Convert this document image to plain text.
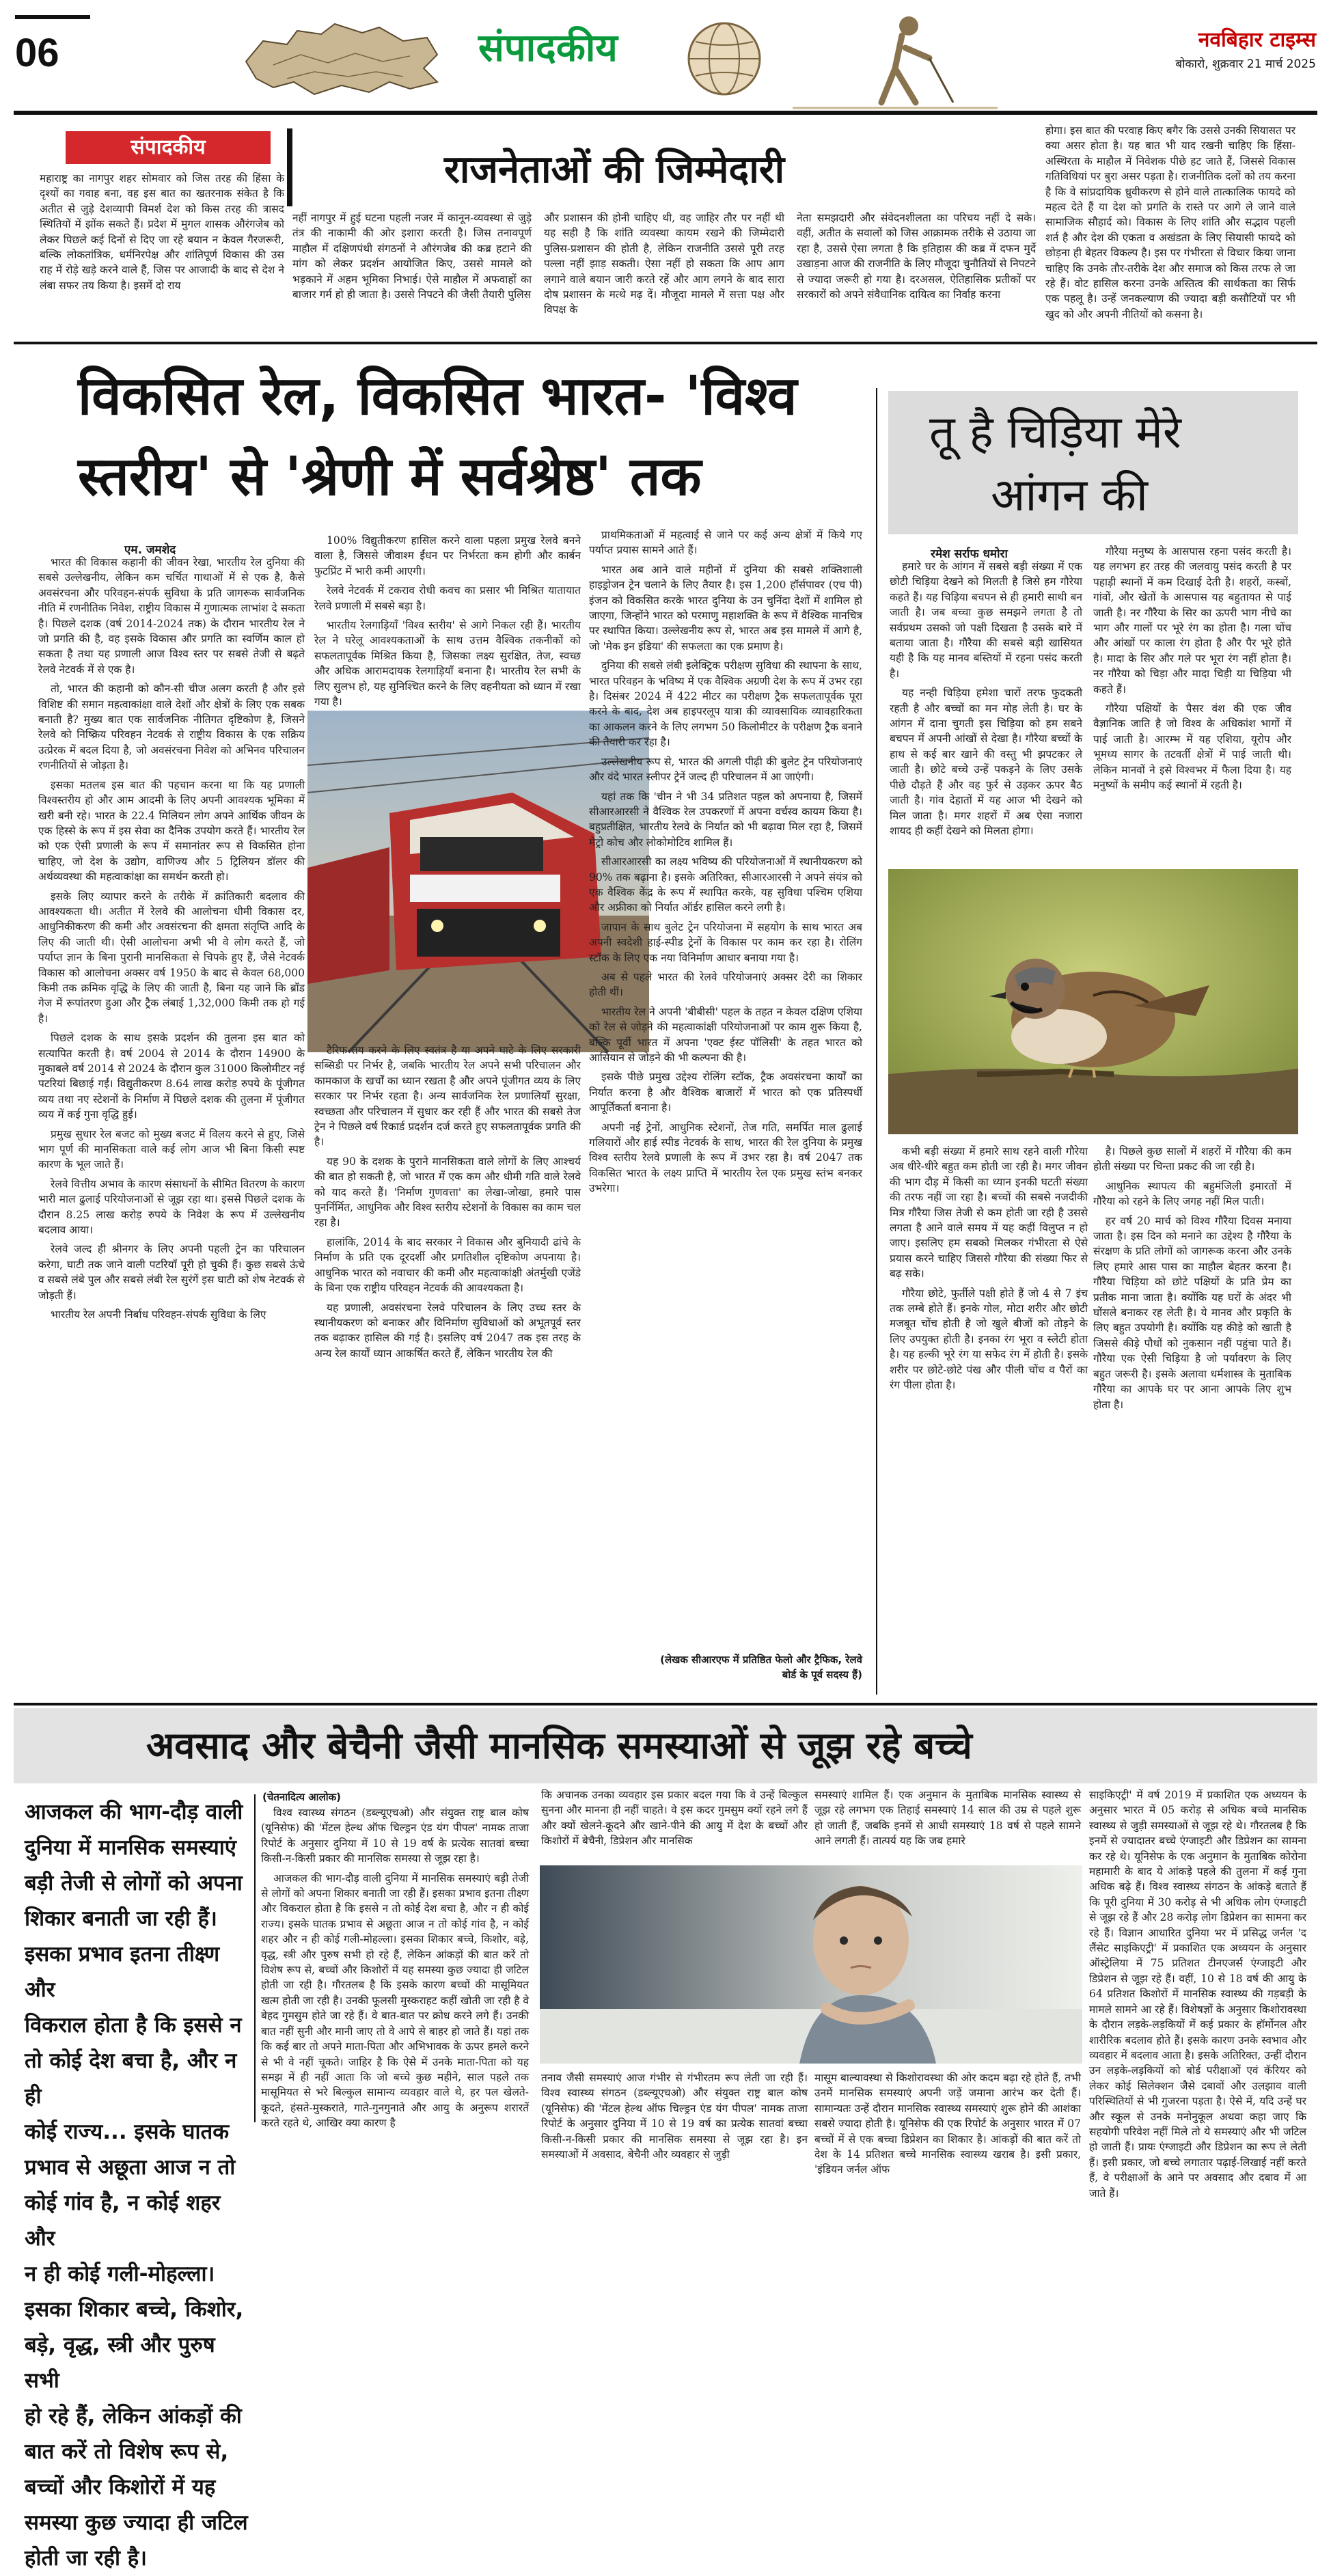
06	संपादकीय	नवबिहार टाइम्स
बोकारो, शुक्रवार 21 मार्च 2025
संपादकीय
राजनेताओं की जिम्मेदारी
महाराष्ट्र का नागपुर शहर सोमवार को जिस तरह की हिंसा के दृश्यों का गवाह बना, वह इस बात का खतरनाक संकेत है कि अतीत से जुड़े देशव्यापी विमर्श देश को किस तरह की त्रासद स्थितियों में झोंक सकते हैं। प्रदेश में मुगल शासक औरंगजेब को लेकर पिछले कई दिनों से दिए जा रहे बयान न केवल गैरजरूरी, बल्कि लोकतांत्रिक, धर्मनिरपेक्ष और शांतिपूर्ण विकास की उस राह में रोड़े खड़े करने वाले हैं, जिस पर आजादी के बाद से देश ने लंबा सफर तय किया है। इसमें दो राय
नहीं नागपुर में हुई घटना पहली नजर में कानून-व्यवस्था से जुड़े तंत्र की नाकामी की ओर इशारा करती है। जिस तनावपूर्ण माहौल में दक्षिणपंथी संगठनों ने औरंगजेब की कब्र हटाने की मांग को लेकर प्रदर्शन आयोजित किए, उससे मामले को भड़काने में अहम भूमिका निभाई। ऐसे माहौल में अफवाहों का बाजार गर्म हो ही जाता है। उससे निपटने की जैसी तैयारी पुलिस
और प्रशासन की होनी चाहिए थी, वह जाहिर तौर पर नहीं थी यह सही है कि शांति व्यवस्था कायम रखने की जिम्मेदारी पुलिस-प्रशासन की होती है, लेकिन राजनीति उससे पूरी तरह पल्ला नहीं झाड़ सकती। ऐसा नहीं हो सकता कि आप आग लगाने वाले बयान जारी करते रहें और आग लगने के बाद सारा दोष प्रशासन के मत्थे मढ़ दें। मौजूदा मामले में सत्ता पक्ष और विपक्ष के
नेता समझदारी और संवेदनशीलता का परिचय नहीं दे सके। वहीं, अतीत के सवालों को जिस आक्रामक तरीके से उठाया जा रहा है, उससे ऐसा लगता है कि इतिहास की कब्र में दफन मुर्दे उखाड़ना आज की राजनीति के लिए मौजूदा चुनौतियों से निपटने से ज्यादा जरूरी हो गया है। दरअसल, ऐतिहासिक प्रतीकों पर सरकारों को अपने संवैधानिक दायित्व का निर्वाह करना
होगा। इस बात की परवाह किए बगैर कि उससे उनकी सियासत पर क्या असर होता है। यह बात भी याद रखनी चाहिए कि हिंसा-अस्थिरता के माहौल में निवेशक पीछे हट जाते हैं, जिससे विकास गतिविधियां पर बुरा असर पड़ता है। राजनीतिक दलों को तय करना है कि वे सांप्रदायिक ध्रुवीकरण से होने वाले तात्कालिक फायदे को महत्व देते हैं या देश को प्रगति के रास्ते पर आगे ले जाने वाले सामाजिक सौहार्द को। विकास के लिए शांति और सद्भाव पहली शर्त है और देश की एकता व अखंडता के लिए सियासी फायदे को छोड़ना ही बेहतर विकल्प है। इस पर गंभीरता से विचार किया जाना चाहिए कि उनके तौर-तरीके देश और समाज को किस तरफ ले जा रहे हैं। वोट हासिल करना उनके अस्तित्व की सार्थकता का सिर्फ एक पहलू है। उन्हें जनकल्याण की ज्यादा बड़ी कसौटियों पर भी खुद को और अपनी नीतियों को कसना है।
विकसित रेल, विकसित भारत- 'विश्व
स्तरीय' से 'श्रेणी में सर्वश्रेष्ठ' तक
एम. जमशेद

भारत की विकास कहानी की जीवन रेखा, भारतीय रेल दुनिया की सबसे उल्लेखनीय, लेकिन कम चर्चित गाथाओं में से एक है, कैसे अवसंरचना और परिवहन-संपर्क सुविधा के प्रति जागरूक सार्वजनिक नीति में रणनीतिक निवेश, राष्ट्रीय विकास में गुणात्मक लाभांश दे सकता है। पिछले दशक (वर्ष 2014-2024 तक) के दौरान भारतीय रेल ने जो प्रगति की है, वह इसके विकास और प्रगति का स्वर्णिम काल हो सकता है तथा यह प्रणाली आज विश्व स्तर पर सबसे तेजी से बढ़ते रेलवे नेटवर्क में से एक है।

तो, भारत की कहानी को कौन-सी चीज अलग करती है और इसे विशिष्ट की समान महत्वाकांक्षा वाले देशों और क्षेत्रों के लिए एक सबक बनाती है? मुख्य बात एक सार्वजनिक नीतिगत दृष्टिकोण है, जिसने रेलवे को निष्क्रिय परिवहन नेटवर्क से राष्ट्रीय विकास के एक सक्रिय उत्प्रेरक में बदल दिया है, जो अवसंरचना निवेश को अभिनव परिचालन रणनीतियों से जोड़ता है।

इसका मतलब इस बात की पहचान करना था कि यह प्रणाली विश्वस्तरीय हो और आम आदमी के लिए अपनी आवश्यक भूमिका में खरी बनी रहे। भारत के 22.4 मिलियन लोग अपने आर्थिक जीवन के एक हिस्से के रूप में इस सेवा का दैनिक उपयोग करते हैं। भारतीय रेल को एक ऐसी प्रणाली के रूप में समानांतर रूप से विकसित होना चाहिए, जो देश के उद्योग, वाणिज्य और 5 ट्रिलियन डॉलर की अर्थव्यवस्था की महत्वाकांक्षा का समर्थन करती हो।

इसके लिए व्यापार करने के तरीके में क्रांतिकारी बदलाव की आवश्यकता थी। अतीत में रेलवे की आलोचना धीमी विकास दर, आधुनिकीकरण की कमी और अवसंरचना की क्षमता संतृप्ति आदि के लिए की जाती थी। ऐसी आलोचना अभी भी वे लोग करते हैं, जो पर्याप्त ज्ञान के बिना पुरानी मानसिकता से चिपके हुए हैं, जैसे नेटवर्क विकास को आलोचना अक्सर वर्ष 1950 के बाद से केवल 68,000 किमी तक क्रमिक वृद्धि के लिए की जाती है, बिना यह जाने कि ब्रॉड गेज में रूपांतरण हुआ और ट्रैक लंबाई 1,32,000 किमी तक हो गई है।

पिछले दशक के साथ इसके प्रदर्शन की तुलना इस बात को सत्यापित करती है। वर्ष 2004 से 2014 के दौरान 14900 के मुकाबले वर्ष 2014 से 2024 के दौरान कुल 31000 किलोमीटर नई पटरियां बिछाई गईं। विद्युतीकरण 8.64 लाख करोड़ रुपये के पूंजीगत व्यय तथा नए स्टेशनों के निर्माण में पिछले दशक की तुलना में पूंजीगत व्यय में कई गुना वृद्धि हुई।

प्रमुख सुधार रेल बजट को मुख्य बजट में विलय करने से हुए, जिसे भाग पूर्ण की मानसिकता वाले कई लोग आज भी बिना किसी स्पष्ट कारण के भूल जाते हैं।

रेलवे वित्तीय अभाव के कारण संसाधनों के सीमित वितरण के कारण भारी माल ढुलाई परियोजनाओं से जूझ रहा था। इससे पिछले दशक के दौरान 8.25 लाख करोड़ रुपये के निवेश के रूप में उल्लेखनीय बदलाव आया।

रेलवे जल्द ही श्रीनगर के लिए अपनी पहली ट्रेन का परिचालन करेगा, घाटी तक जाने वाली पटरियाँ पूरी हो चुकी हैं। कुछ सबसे ऊंचे व सबसे लंबे पुल और सबसे लंबी रेल सुरंगें इस घाटी को शेष नेटवर्क से जोड़ती हैं।

भारतीय रेल अपनी निर्बाध परिवहन-संपर्क सुविधा के लिए

100% विद्युतीकरण हासिल करने वाला पहला प्रमुख रेलवे बनने वाला है, जिससे जीवाश्म ईंधन पर निर्भरता कम होगी और कार्बन फुटप्रिंट में भारी कमी आएगी।

रेलवे नेटवर्क में टकराव रोधी कवच का प्रसार भी मिश्रित यातायात रेलवे प्रणाली में सबसे बड़ा है।

भारतीय रेलगाड़ियाँ 'विश्व स्तरीय' से आगे निकल रही हैं। भारतीय रेल ने घरेलू आवश्यकताओं के साथ उत्तम वैश्विक तकनीकों को सफलतापूर्वक मिश्रित किया है, जिसका लक्ष्य सुरक्षित, तेज, स्वच्छ और अधिक आरामदायक रेलगाड़ियाँ बनाना है। भारतीय रेल सभी के लिए सुलभ हो, यह सुनिश्चित करने के लिए वहनीयता को ध्यान में रखा गया है।

टैरिफ तय करने के लिए स्वतंत्र है या अपने घाटे के लिए सरकारी सब्सिडी पर निर्भर है, जबकि भारतीय रेल अपने सभी परिचालन और कामकाज के खर्चों का ध्यान रखता है और अपने पूंजीगत व्यय के लिए सरकार पर निर्भर रहता है। अन्य सार्वजनिक रेल प्रणालियाँ सुरक्षा, स्वच्छता और परिचालन में सुधार कर रही हैं और भारत की सबसे तेज ट्रेन ने पिछले वर्ष रिकार्ड प्रदर्शन दर्ज करते हुए सफलतापूर्वक प्रगति की है।

यह 90 के दशक के पुराने मानसिकता वाले लोगों के लिए आश्चर्य की बात हो सकती है, जो भारत में एक कम और धीमी गति वाले रेलवे को याद करते हैं। 'निर्माण गुणवत्ता' का लेखा-जोखा, हमारे पास पुनर्निर्मित, आधुनिक और विश्व स्तरीय स्टेशनों के विकास का काम चल रहा है।

हालांकि, 2014 के बाद सरकार ने विकास और बुनियादी ढांचे के निर्माण के प्रति एक दूरदर्शी और प्रगतिशील दृष्टिकोण अपनाया है। आधुनिक भारत को नवाचार की कमी और महत्वाकांक्षी अंतर्मुखी एजेंडे के बिना एक राष्ट्रीय परिवहन नेटवर्क की आवश्यकता है।

यह प्रणाली, अवसंरचना रेलवे परिचालन के लिए उच्च स्तर के स्थानीयकरण को बनाकर और विनिर्माण सुविधाओं को अभूतपूर्व स्तर तक बढ़ाकर हासिल की गई है। इसलिए वर्ष 2047 तक इस तरह के अन्य रेल कार्यों ध्यान आकर्षित करते हैं, लेकिन भारतीय रेल की

प्राथमिकताओं में महत्वाई से जाने पर कई अन्य क्षेत्रों में किये गए पर्याप्त प्रयास सामने आते हैं।

भारत अब आने वाले महीनों में दुनिया की सबसे शक्तिशाली हाइड्रोजन ट्रेन चलाने के लिए तैयार है। इस 1,200 हॉर्सपावर (एच पी) इंजन को विकसित करके भारत दुनिया के उन चुनिंदा देशों में शामिल हो जाएगा, जिन्होंने भारत को परमाणु महाशक्ति के रूप में वैश्विक मानचित्र पर स्थापित किया। उल्लेखनीय रूप से, भारत अब इस मामले में आगे है, जो 'मेक इन इंडिया' की सफलता का एक प्रमाण है।

दुनिया की सबसे लंबी इलेक्ट्रिक परीक्षण सुविधा की स्थापना के साथ, भारत परिवहन के भविष्य में एक वैश्विक अग्रणी देश के रूप में उभर रहा है। दिसंबर 2024 में 422 मीटर का परीक्षण ट्रैक सफलतापूर्वक पूरा करने के बाद, देश अब हाइपरलूप यात्रा की व्यावसायिक व्यावहारिकता का आकलन करने के लिए लगभग 50 किलोमीटर के परीक्षण ट्रैक बनाने की तैयारी कर रहा है।

उल्लेखनीय रूप से, भारत की अगली पीढ़ी की बुलेट ट्रेन परियोजनाएं और वंदे भारत स्लीपर ट्रेनें जल्द ही परिचालन में आ जाएंगी।

यहां तक कि 'चीन ने भी 34 प्रतिशत पहल को अपनाया है, जिसमें सीआरआरसी ने वैश्विक रेल उपकरणों में अपना वर्चस्व कायम किया है। बहुप्रतीक्षित, भारतीय रेलवे के निर्यात को भी बढ़ावा मिल रहा है, जिसमें मेट्रो कोच और लोकोमोटिव शामिल हैं।

सीआरआरसी का लक्ष्य भविष्य की परियोजनाओं में स्थानीयकरण को 90% तक बढ़ाना है। इसके अतिरिक्त, सीआरआरसी ने अपने संयंत्र को एक वैश्विक केंद्र के रूप में स्थापित करके, यह सुविधा पश्चिम एशिया और अफ्रीका को निर्यात ऑर्डर हासिल करने लगी है।

जापान के साथ बुलेट ट्रेन परियोजना में सहयोग के साथ भारत अब अपनी स्वदेशी हाई-स्पीड ट्रेनों के विकास पर काम कर रहा है। रोलिंग स्टॉक के लिए एक नया विनिर्माण आधार बनाया गया है।

अब से पहले भारत की रेलवे परियोजनाएं अक्सर देरी का शिकार होती थीं।

भारतीय रेल ने अपनी 'बीबीसी' पहल के तहत न केवल दक्षिण एशिया को रेल से जोड़ने की महत्वाकांक्षी परियोजनाओं पर काम शुरू किया है, बल्कि पूर्वी भारत में अपना 'एक्ट ईस्ट पॉलिसी' के तहत भारत को आसियान से जोड़ने की भी कल्पना की है।

इसके पीछे प्रमुख उद्देश्य रोलिंग स्टॉक, ट्रैक अवसंरचना कार्यों का निर्यात करना है और वैश्विक बाजारों में भारत को एक प्रतिस्पर्धी आपूर्तिकर्ता बनाना है।

अपनी नई ट्रेनों, आधुनिक स्टेशनों, तेज गति, समर्पित माल ढुलाई गलियारों और हाई स्पीड नेटवर्क के साथ, भारत की रेल दुनिया के प्रमुख विश्व स्तरीय रेलवे प्रणाली के रूप में उभर रहा है। वर्ष 2047 तक विकसित भारत के लक्ष्य प्राप्ति में भारतीय रेल एक प्रमुख स्तंभ बनकर उभरेगा।

(लेखक सीआरएफ में प्रतिष्ठित फेलो और ट्रैफिक, रेलवे
बोर्ड के पूर्व सदस्य हैं)
तू है चिड़िया मेरे
आंगन की
रमेश सर्राफ धमोरा

हमारे घर के आंगन में सबसे बड़ी संख्या में एक छोटी चिड़िया देखने को मिलती है जिसे हम गौरेया कहते हैं। यह चिड़िया बचपन से ही हमारी साथी बन जाती है। जब बच्चा कुछ समझने लगता है तो सर्वप्रथम उसको जो पक्षी दिखता है उसके बारे में बताया जाता है। गौरैया की सबसे बड़ी खासियत यही है कि यह मानव बस्तियों में रहना पसंद करती है।

यह नन्ही चिड़िया हमेशा चारों तरफ फुदकती रहती है और बच्चों का मन मोह लेती है। घर के आंगन में दाना चुगती इस चिड़िया को हम सबने बचपन में अपनी आंखों से देखा है। गौरैया बच्चों के हाथ से कई बार खाने की वस्तु भी झपटकर ले जाती है। छोटे बच्चे उन्हें पकड़ने के लिए उसके पीछे दौड़ते हैं और वह फुर्र से उड़कर ऊपर बैठ जाती है। गांव देहातों में यह आज भी देखने को मिल जाता है। मगर शहरों में अब ऐसा नजारा शायद ही कहीं देखने को मिलता होगा।

गौरैया मनुष्य के आसपास रहना पसंद करती है। यह लगभग हर तरह की जलवायु पसंद करती है पर पहाड़ी स्थानों में कम दिखाई देती है। शहरों, कस्बों, गांवों, और खेतों के आसपास यह बहुतायत से पाई जाती है। नर गौरैया के सिर का ऊपरी भाग नीचे का भाग और गालों पर भूरे रंग का होता है। गला चोंच और आंखों पर काला रंग होता है और पैर भूरे होते है। मादा के सिर और गले पर भूरा रंग नहीं होता है। नर गौरैया को चिड़ा और मादा चिड़ी या चिड़िया भी कहते हैं।

गौरैया पक्षियों के पैसर वंश की एक जीव वैज्ञानिक जाति है जो विश्व के अधिकांश भागों में पाई जाती है। आरम्भ में यह एशिया, यूरोप और भूमध्य सागर के तटवर्ती क्षेत्रों में पाई जाती थी। लेकिन मानवों ने इसे विश्वभर में फैला दिया है। यह मनुष्यों के समीप कई स्थानों में रहती है।

कभी बड़ी संख्या में हमारे साथ रहने वाली गौरेया अब धीरे-धीरे बहुत कम होती जा रही है। मगर जीवन की भाग दौड़ में किसी का ध्यान इनकी घटती संख्या की तरफ नहीं जा रहा है। बच्चों की सबसे नजदीकी मित्र गौरैया जिस तेजी से कम होती जा रही है उससे लगता है आने वाले समय में यह कहीं विलुप्त न हो जाए। इसलिए हम सबको मिलकर गंभीरता से ऐसे प्रयास करने चाहिए जिससे गौरैया की संख्या फिर से बढ़ सके।

गौरैया छोटे, फुर्तीले पक्षी होते हैं जो 4 से 7 इंच तक लम्बे होते हैं। इनके गोल, मोटा शरीर और छोटी मजबूत चोंच होती है जो खुले बीजों को तोड़ने के लिए उपयुक्त होती है। इनका रंग भूरा व स्लेटी होता है। यह हल्की भूरे रंग या सफेद रंग में होती है। इसके शरीर पर छोटे-छोटे पंख और पीली चोंच व पैरों का रंग पीला होता है।

है। पिछले कुछ सालों में शहरों में गौरैया की कम होती संख्या पर चिन्ता प्रकट की जा रही है।

आधुनिक स्थापत्य की बहुमंजिली इमारतों में गौरैया को रहने के लिए जगह नहीं मिल पाती।

हर वर्ष 20 मार्च को विश्व गौरैया दिवस मनाया जाता है। इस दिन को मनाने का उद्देश्य है गौरैया के संरक्षण के प्रति लोगों को जागरूक करना और उनके लिए हमारे आस पास का माहौल बेहतर करना है। गौरैया चिड़िया को छोटे पक्षियों के प्रति प्रेम का प्रतीक माना जाता है। क्योंकि यह घरों के अंदर भी घोंसले बनाकर रह लेती है। ये मानव और प्रकृति के लिए बहुत उपयोगी है। क्योंकि यह कीड़े को खाती है जिससे कीड़े पौधों को नुकसान नहीं पहुंचा पाते हैं। गौरैया एक ऐसी चिड़िया है जो पर्यावरण के लिए बहुत जरूरी है। इसके अलावा धर्मशास्त्र के मुताबिक गौरैया का आपके घर पर आना आपके लिए शुभ होता है।

अवसाद और बेचैनी जैसी मानसिक समस्याओं से जूझ रहे बच्चे
आजकल की भाग-दौड़ वाली
दुनिया में मानसिक समस्याएं
बड़ी तेजी से लोगों को अपना
शिकार बनाती जा रही हैं।
इसका प्रभाव इतना तीक्ष्ण और
विकराल होता है कि इससे न
तो कोई देश बचा है, और न ही
कोई राज्य... इसके घातक
प्रभाव से अछूता आज न तो
कोई गांव है, न कोई शहर और
न ही कोई गली-मोहल्ला।
इसका शिकार बच्चे, किशोर,
बड़े, वृद्ध, स्त्री और पुरुष सभी
हो रहे हैं, लेकिन आंकड़ों की
बात करें तो विशेष रूप से,
बच्चों और किशोरों में यह
समस्या कुछ ज्यादा ही जटिल
होती जा रही है।
(चेतनादित्य आलोक)

विश्व स्वास्थ्य संगठन (डब्ल्यूएचओ) और संयुक्त राष्ट्र बाल कोष (यूनिसेफ) की 'मेंटल हेल्थ ऑफ चिल्ड्रन एंड यंग पीपल' नामक ताजा रिपोर्ट के अनुसार दुनिया में 10 से 19 वर्ष के प्रत्येक सातवां बच्चा किसी-न-किसी प्रकार की मानसिक समस्या से जूझ रहा है।

आजकल की भाग-दौड़ वाली दुनिया में मानसिक समस्याएं बड़ी तेजी से लोगों को अपना शिकार बनाती जा रही हैं। इसका प्रभाव इतना तीक्ष्ण और विकराल होता है कि इससे न तो कोई देश बचा है, और न ही कोई राज्य। इसके घातक प्रभाव से अछूता आज न तो कोई गांव है, न कोई शहर और न ही कोई गली-मोहल्ला। इसका शिकार बच्चे, किशोर, बड़े, वृद्ध, स्त्री और पुरुष सभी हो रहे हैं, लेकिन आंकड़ों की बात करें तो विशेष रूप से, बच्चों और किशोरों में यह समस्या कुछ ज्यादा ही जटिल होती जा रही है। गौरतलब है कि इसके कारण बच्चों की मासूमियत खत्म होती जा रही है। उनकी फूलसी मुस्कराहट कहीं खोती जा रही है वे बेहद गुमसुम होते जा रहे हैं। वे बात-बात पर क्रोध करने लगे हैं। उनकी बात नहीं सुनी और मानी जाए तो वे आपे से बाहर हो जाते हैं। यहां तक कि कई बार तो अपने माता-पिता और अभिभावक के ऊपर हमले करने से भी वे नहीं चूकते। जाहिर है कि ऐसे में उनके माता-पिता को यह समझ में ही नहीं आता कि जो बच्चे कुछ महीने, साल पहले तक मासूमियत से भरे बिल्कुल सामान्य व्यवहार वाले थे, हर पल खेलते-कूदते, हंसते-मुस्कराते, गाते-गुनगुनाते और आयु के अनुरूप शरारतें करते रहते थे, आखिर क्या कारण है

कि अचानक उनका व्यवहार इस प्रकार बदल गया कि वे उन्हें बिल्कुल सुनना और मानना ही नहीं चाहते। वे इस कदर गुमसुम क्यों रहने लगे हैं और क्यों खेलने-कूदने और खाने-पीने की आयु में देश के बच्चों और किशोरों में बेचैनी, डिप्रेशन और मानसिक
समस्याएं शामिल हैं। एक अनुमान के मुताबिक मानसिक स्वास्थ्य से जूझ रहे लगभग एक तिहाई समस्याएं 14 साल की उम्र से पहले शुरू हो जाती हैं, जबकि इनमें से आधी समस्याएं 18 वर्ष से पहले सामने आने लगती हैं। तात्पर्य यह कि जब हमारे
तनाव जैसी समस्याएं आज गंभीर से गंभीरतम रूप लेती जा रही हैं। विश्व स्वास्थ्य संगठन (डब्ल्यूएचओ) और संयुक्त राष्ट्र बाल कोष (यूनिसेफ) की 'मेंटल हेल्थ ऑफ चिल्ड्रन एंड यंग पीपल' नामक ताजा रिपोर्ट के अनुसार दुनिया में 10 से 19 वर्ष का प्रत्येक सातवां बच्चा किसी-न-किसी प्रकार की मानसिक समस्या से जूझ रहा है। इन समस्याओं में अवसाद, बेचैनी और व्यवहार से जुड़ी
मासूम बाल्यावस्था से किशोरावस्था की ओर कदम बढ़ा रहे होते हैं, तभी उनमें मानसिक समस्याएं अपनी जड़ें जमाना आरंभ कर देती हैं। सामान्यतः उन्हें दौरान मानसिक स्वास्थ्य समस्याएं शुरू होने की आशंका सबसे ज्यादा होती है। यूनिसेफ की एक रिपोर्ट के अनुसार भारत में 07 बच्चों में से एक बच्चा डिप्रेशन का शिकार है। आंकड़ों की बात करें तो देश के 14 प्रतिशत बच्चे मानसिक स्वास्थ्य खराब है। इसी प्रकार, 'इंडियन जर्नल ऑफ
साइकिएट्री' में वर्ष 2019 में प्रकाशित एक अध्ययन के अनुसार भारत में 05 करोड़ से अधिक बच्चे मानसिक स्वास्थ्य से जुड़ी समस्याओं से जूझ रहे थे। गौरतलब है कि इनमें से ज्यादातर बच्चे एंग्जाइटी और डिप्रेशन का सामना कर रहे थे। यूनिसेफ के एक अनुमान के मुताबिक कोरोना महामारी के बाद ये आंकड़े पहले की तुलना में कई गुना अधिक बढ़े हैं। विश्व स्वास्थ्य संगठन के आंकड़े बताते हैं कि पूरी दुनिया में 30 करोड़ से भी अधिक लोग एंग्जाइटी से जूझ रहे हैं और 28 करोड़ लोग डिप्रेशन का सामना कर रहे हैं। विज्ञान आधारित दुनिया भर में प्रसिद्ध जर्नल 'द लैंसेट साइकिएट्री' में प्रकाशित एक अध्ययन के अनुसार ऑस्ट्रेलिया में 75 प्रतिशत टीनएजर्स एंग्जाइटी और डिप्रेशन से जूझ रहे हैं। वहीं, 10 से 18 वर्ष की आयु के 64 प्रतिशत किशोरों में मानसिक स्वास्थ्य की गड़बड़ी के मामले सामने आ रहे हैं। विशेषज्ञों के अनुसार किशोरावस्था के दौरान लड़के-लड़कियों में कई प्रकार के हॉर्मोनल और शारीरिक बदलाव होते हैं। इसके कारण उनके स्वभाव और व्यवहार में बदलाव आता है। इसके अतिरिक्त, उन्हीं दौरान उन लड़के-लड़कियों को बोर्ड परीक्षाओं एवं कॅरियर को लेकर कोई सिलेक्शन जैसे दबावों और उलझाव वाली परिस्थितियों से भी गुजरना पड़ता है। ऐसे में, यदि उन्हें घर और स्कूल से उनके मनोनुकूल अथवा कहा जाए कि सहयोगी परिवेश नहीं मिले तो ये समस्याएं और भी जटिल हो जाती हैं। प्रायः एंग्जाइटी और डिप्रेशन का रूप ले लेती हैं। इसी प्रकार, जो बच्चे लगातार पढ़ाई-लिखाई नहीं करते हैं, वे परीक्षाओं के आने पर अवसाद और दबाव में आ जाते हैं।
